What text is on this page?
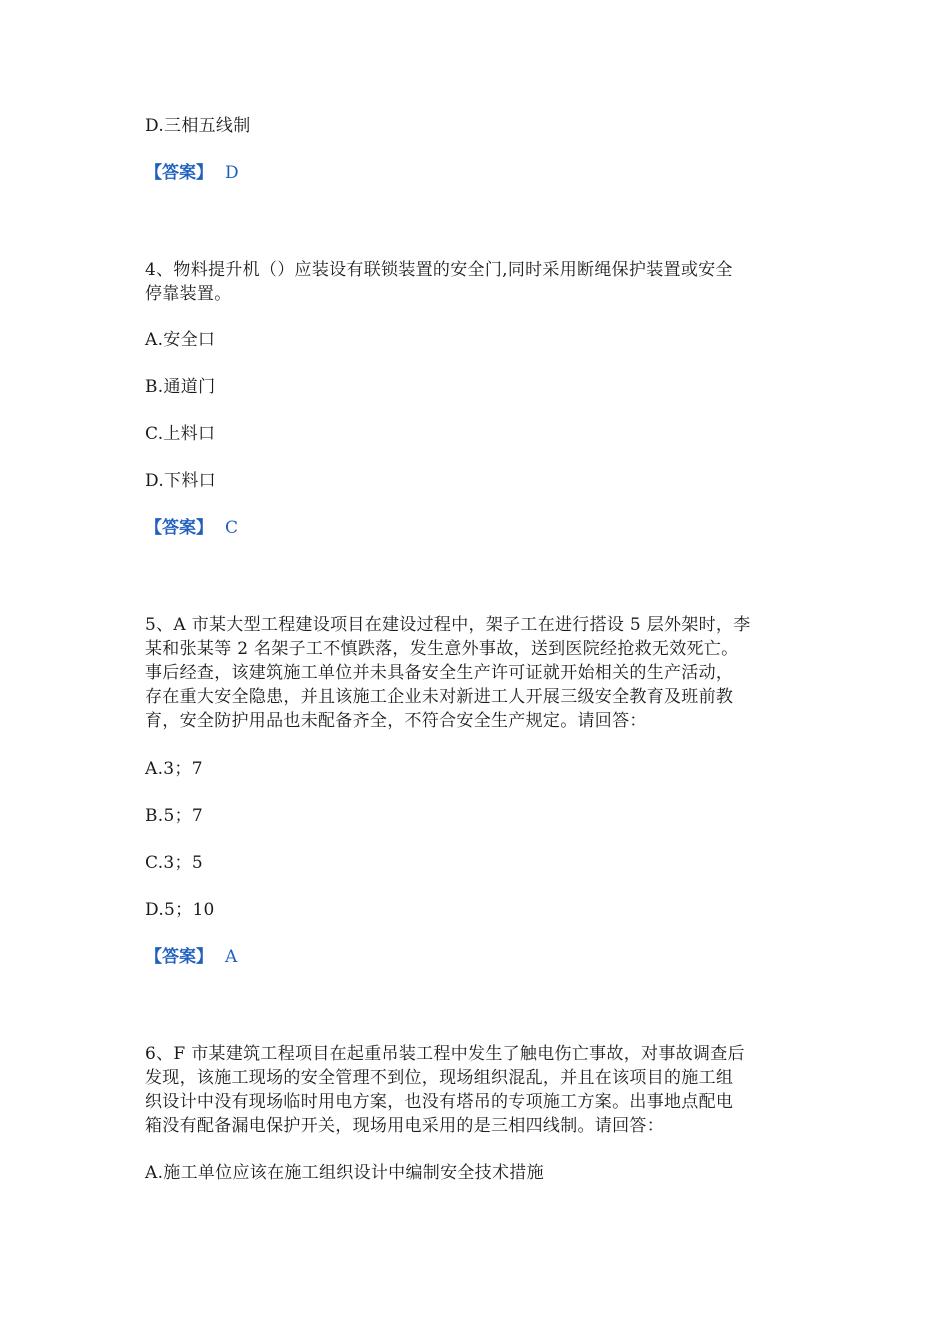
D.三相五线制
【答案】 D
4、物料提升机（）应装设有联锁装置的安全门,同时采用断绳保护装置或安全
停靠装置。
A.安全口
B.通道门
C.上料口
D.下料口
【答案】 C
5、A 市某大型工程建设项目在建设过程中，架子工在进行搭设 5 层外架时，李
某和张某等 2 名架子工不慎跌落，发生意外事故，送到医院经抢救无效死亡。
事后经查，该建筑施工单位并未具备安全生产许可证就开始相关的生产活动，
存在重大安全隐患，并且该施工企业未对新进工人开展三级安全教育及班前教
育，安全防护用品也未配备齐全，不符合安全生产规定。请回答：
A.3；7
B.5；7
C.3；5
D.5；10
【答案】 A
6、F 市某建筑工程项目在起重吊装工程中发生了触电伤亡事故，对事故调查后
发现，该施工现场的安全管理不到位，现场组织混乱，并且在该项目的施工组
织设计中没有现场临时用电方案，也没有塔吊的专项施工方案。出事地点配电
箱没有配备漏电保护开关，现场用电采用的是三相四线制。请回答：
A.施工单位应该在施工组织设计中编制安全技术措施
